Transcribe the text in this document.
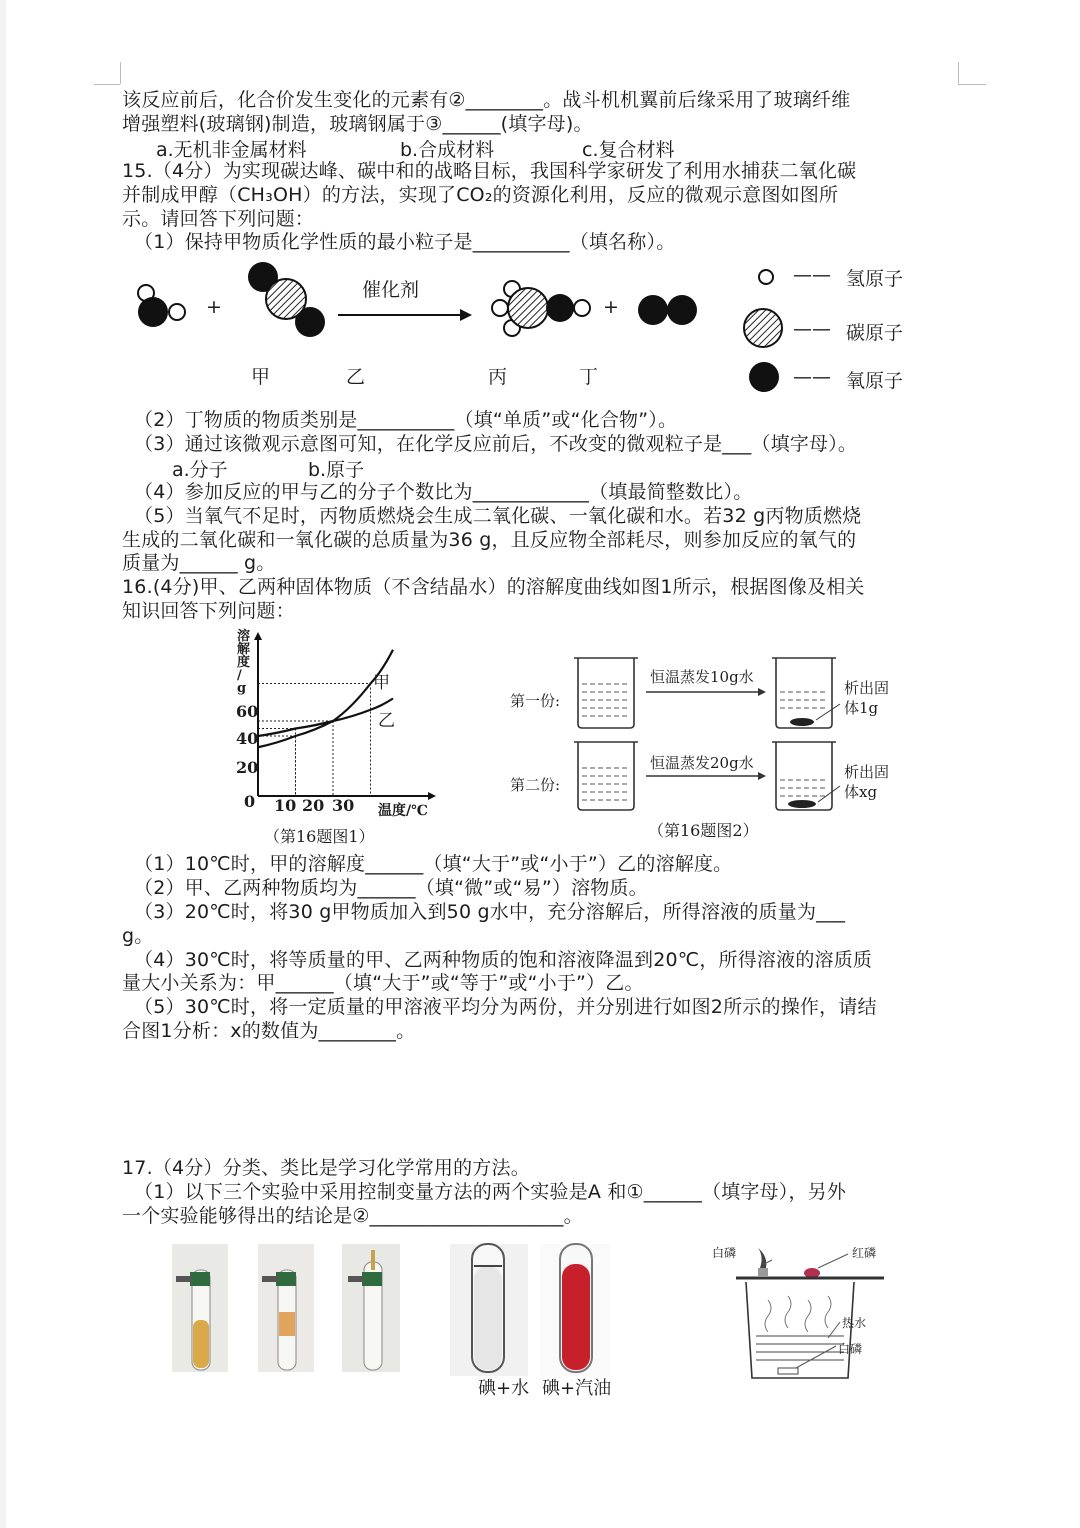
该反应前后，化合价发生变化的元素有②________。战斗机机翼前后缘采用了玻璃纤维
增强塑料(玻璃钢)制造，玻璃钢属于③______(填字母)。
a.无机非金属材料	b.合成材料	c.复合材料
15.（4分）为实现碳达峰、碳中和的战略目标，我国科学家研发了利用水捕获二氧化碳
并制成甲醇（CH₃OH）的方法，实现了CO₂的资源化利用，反应的微观示意图如图所
示。请回答下列问题：
（1）保持甲物质化学性质的最小粒子是__________（填名称）。
+	+
催化剂
甲	乙	丙	丁
—— 氢原子
—— 碳原子
—— 氧原子
（2）丁物质的物质类别是__________（填“单质”或“化合物”）。
（3）通过该微观示意图可知，在化学反应前后，不改变的微观粒子是___（填字母）。
a.分子	b.原子
（4）参加反应的甲与乙的分子个数比为____________（填最简整数比）。
（5）当氧气不足时，丙物质燃烧会生成二氧化碳、一氧化碳和水。若32 g丙物质燃烧
生成的二氧化碳和一氧化碳的总质量为36 g，且反应物全部耗尽，则参加反应的氧气的
质量为______ g。
16.(4分)甲、乙两种固体物质（不含结晶水）的溶解度曲线如图1所示，根据图像及相关
知识回答下列问题：
溶
解
度
/
g
60
40
20
0 10 20 30 温度/℃
甲
乙
（第16题图1）
第一份:
恒温蒸发10g水
析出固
体1g
第二份:
恒温蒸发20g水	析出固
体xg
（第16题图2）
（1）10℃时，甲的溶解度______（填“大于”或“小于”）乙的溶解度。
（2）甲、乙两种物质均为______（填“微”或“易”）溶物质。
（3）20℃时，将30 g甲物质加入到50 g水中，充分溶解后，所得溶液的质量为___
g。
（4）30℃时，将等质量的甲、乙两种物质的饱和溶液降温到20℃，所得溶液的溶质质
量大小关系为：甲______（填“大于”或“等于”或“小于”）乙。
（5）30℃时，将一定质量的甲溶液平均分为两份，并分别进行如图2所示的操作，请结
合图1分析：x的数值为________。
17.（4分）分类、类比是学习化学常用的方法。
（1）以下三个实验中采用控制变量方法的两个实验是A 和①______（填字母），另外
一个实验能够得出的结论是②____________________。
碘+水 碘+汽油
白磷	红磷
热水
白磷
